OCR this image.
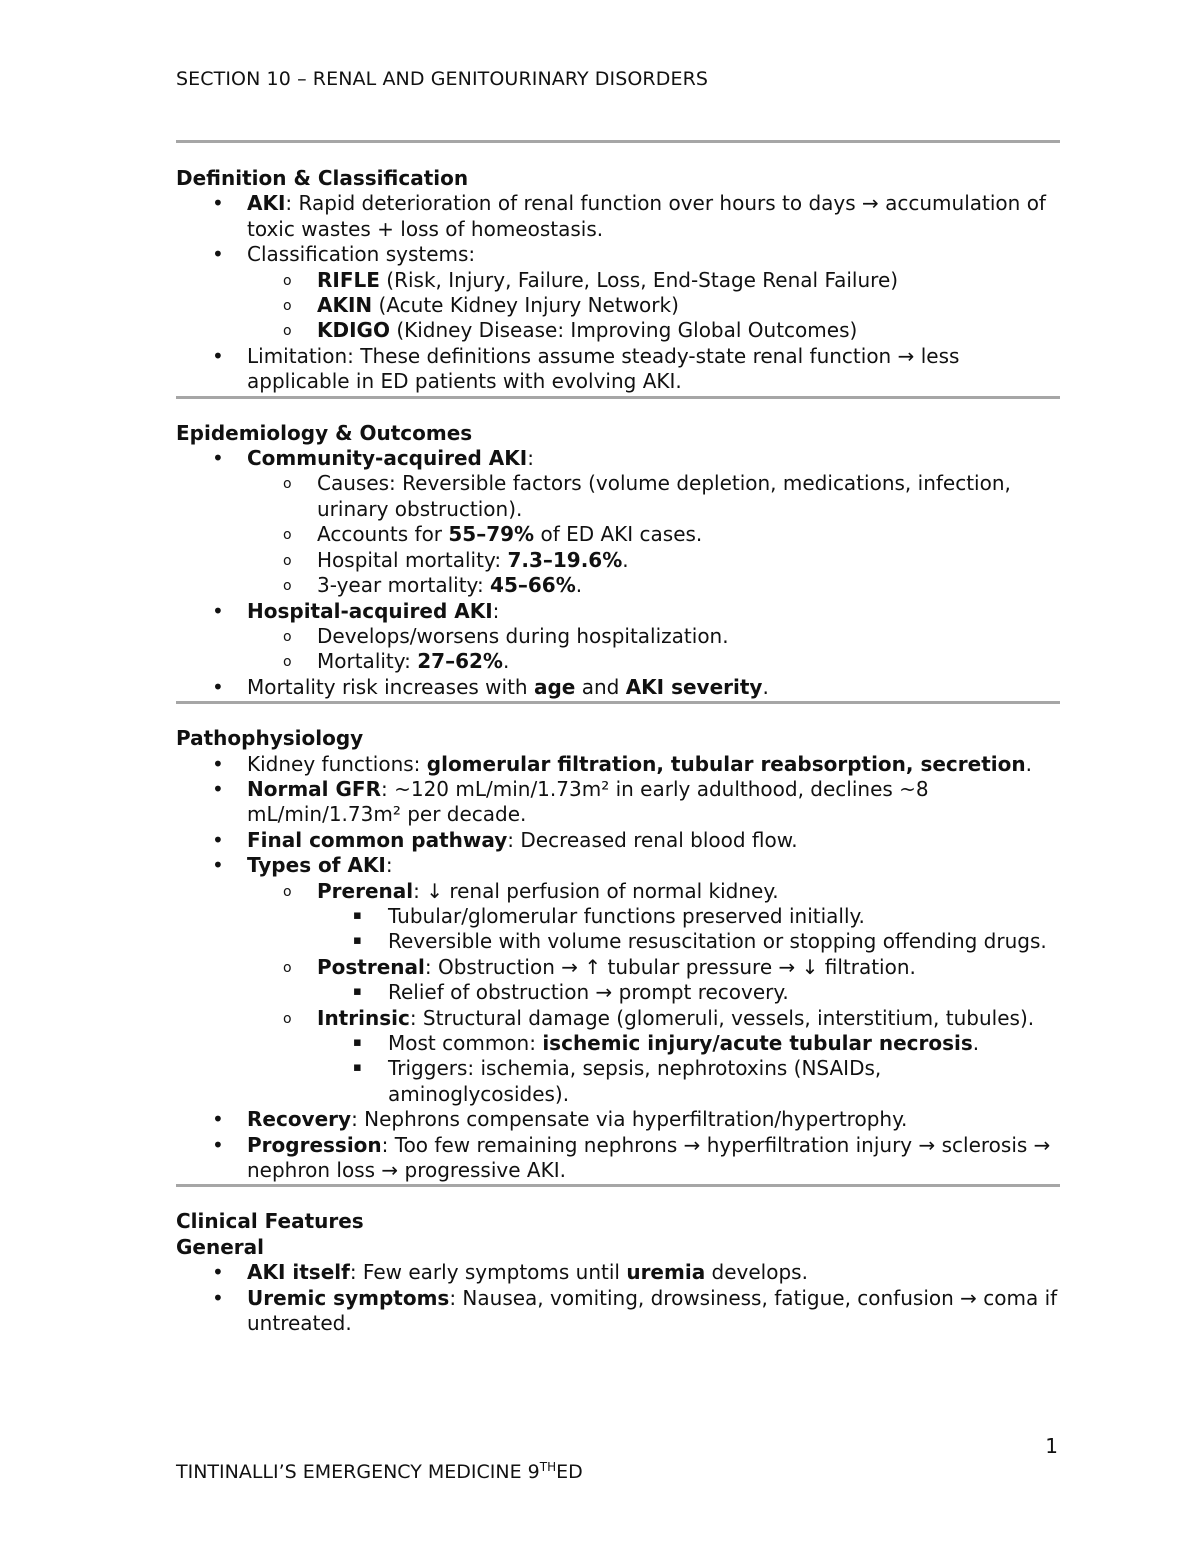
SECTION 10 – RENAL AND GENITOURINARY DISORDERS
Definition & Classification
• AKI: Rapid deterioration of renal function over hours to days → accumulation of toxic wastes + loss of homeostasis.
• Classification systems:
o RIFLE (Risk, Injury, Failure, Loss, End-Stage Renal Failure)
o AKIN (Acute Kidney Injury Network)
o KDIGO (Kidney Disease: Improving Global Outcomes)
• Limitation: These definitions assume steady-state renal function → less applicable in ED patients with evolving AKI.
Epidemiology & Outcomes
• Community-acquired AKI:
o Causes: Reversible factors (volume depletion, medications, infection, urinary obstruction).
o Accounts for 55–79% of ED AKI cases.
o Hospital mortality: 7.3–19.6%.
o 3-year mortality: 45–66%.
• Hospital-acquired AKI:
o Develops/worsens during hospitalization.
o Mortality: 27–62%.
• Mortality risk increases with age and AKI severity.
Pathophysiology
• Kidney functions: glomerular filtration, tubular reabsorption, secretion.
• Normal GFR: ~120 mL/min/1.73m² in early adulthood, declines ~8 mL/min/1.73m² per decade.
• Final common pathway: Decreased renal blood flow.
• Types of AKI:
o Prerenal: ↓ renal perfusion of normal kidney.
▪ Tubular/glomerular functions preserved initially.
▪ Reversible with volume resuscitation or stopping offending drugs.
o Postrenal: Obstruction → ↑ tubular pressure → ↓ filtration.
▪ Relief of obstruction → prompt recovery.
o Intrinsic: Structural damage (glomeruli, vessels, interstitium, tubules).
▪ Most common: ischemic injury/acute tubular necrosis.
▪ Triggers: ischemia, sepsis, nephrotoxins (NSAIDs, aminoglycosides).
• Recovery: Nephrons compensate via hyperfiltration/hypertrophy.
• Progression: Too few remaining nephrons → hyperfiltration injury → sclerosis → nephron loss → progressive AKI.
Clinical Features
General
• AKI itself: Few early symptoms until uremia develops.
• Uremic symptoms: Nausea, vomiting, drowsiness, fatigue, confusion → coma if untreated.
1
TINTINALLI’S EMERGENCY MEDICINE 9THED
